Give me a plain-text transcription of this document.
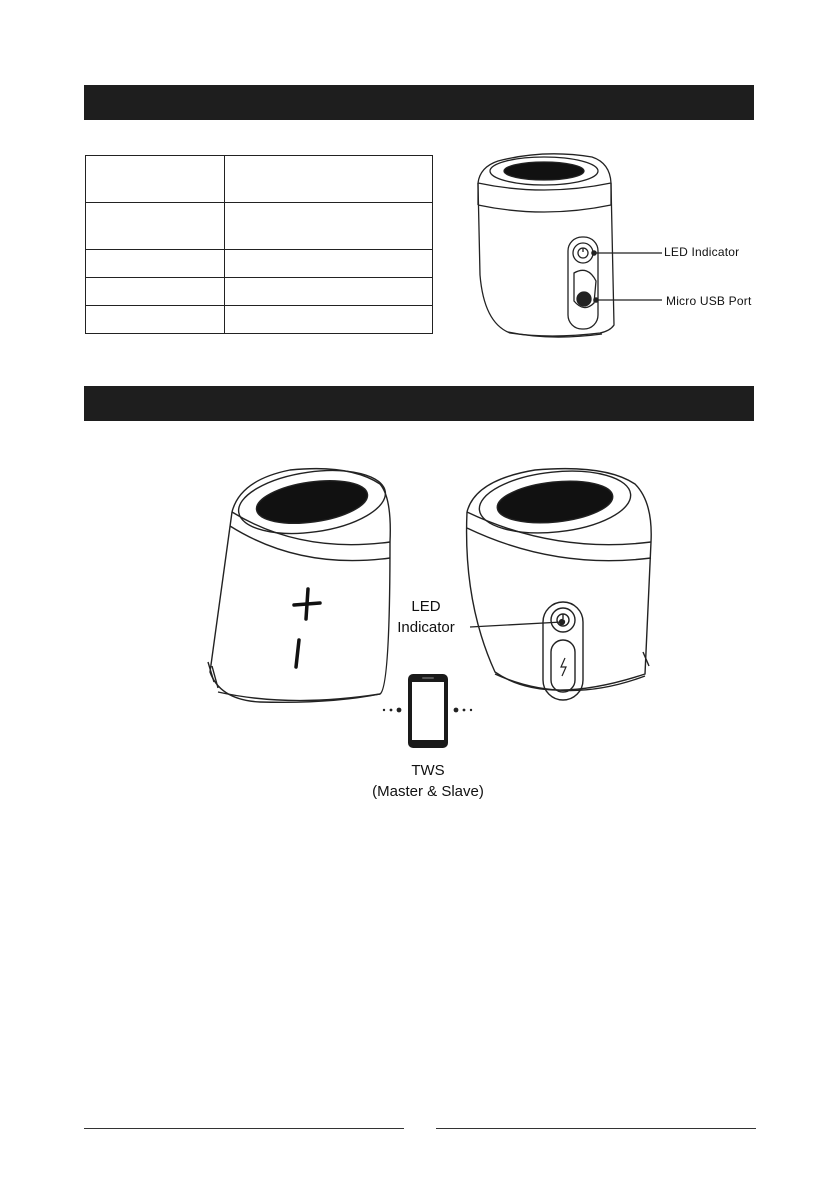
LED Indicator
Micro USB Port
LED
Indicator
TWS
(Master & Slave)
